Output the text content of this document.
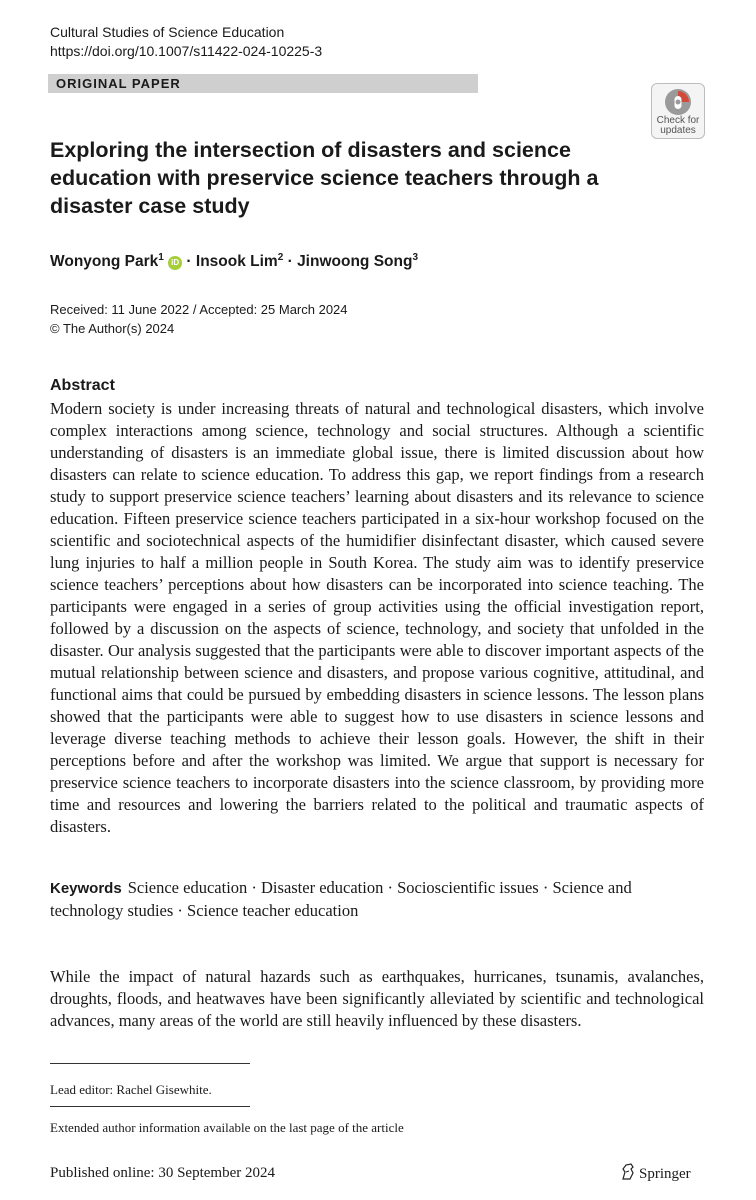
Cultural Studies of Science Education
https://doi.org/10.1007/s11422-024-10225-3
ORIGINAL PAPER
Check for
updates
Exploring the intersection of disasters and science education with preservice science teachers through a disaster case study
Wonyong Park$^1$ iD · Insook Lim$^2$ · Jinwoong Song$^3$
Received: 11 June 2022 / Accepted: 25 March 2024
© The Author(s) 2024
Abstract

Modern society is under increasing threats of natural and technological disasters, which involve complex interactions among science, technology and social structures. Although a scientific understanding of disasters is an immediate global issue, there is limited discussion about how disasters can relate to science education. To address this gap, we report findings from a research study to support preservice science teachers’ learning about disasters and its relevance to science education. Fifteen preservice science teachers participated in a six-hour workshop focused on the scientific and sociotechnical aspects of the humidifier disinfectant disaster, which caused severe lung injuries to half a million people in South Korea. The study aim was to identify preservice science teachers’ perceptions about how disasters can be incorporated into science teaching. The participants were engaged in a series of group activities using the official investigation report, followed by a discussion on the aspects of science, technology, and society that unfolded in the disaster. Our analysis suggested that the participants were able to discover important aspects of the mutual relationship between science and disasters, and propose various cognitive, attitudinal, and functional aims that could be pursued by embedding disasters in science lessons. The lesson plans showed that the participants were able to suggest how to use disasters in science lessons and leverage diverse teaching methods to achieve their lesson goals. However, the shift in their perceptions before and after the workshop was limited. We argue that support is necessary for preservice science teachers to incorporate disasters into the science classroom, by providing more time and resources and lowering the barriers related to the political and traumatic aspects of disasters.

Keywords Science education · Disaster education · Socioscientific issues · Science and technology studies · Science teacher education

While the impact of natural hazards such as earthquakes, hurricanes, tsunamis, avalanches, droughts, floods, and heatwaves have been significantly alleviated by scientific and technological advances, many areas of the world are still heavily influenced by these disasters.

Lead editor: Rachel Gisewhite.
Extended author information available on the last page of the article
Published online: 30 September 2024	Springer
